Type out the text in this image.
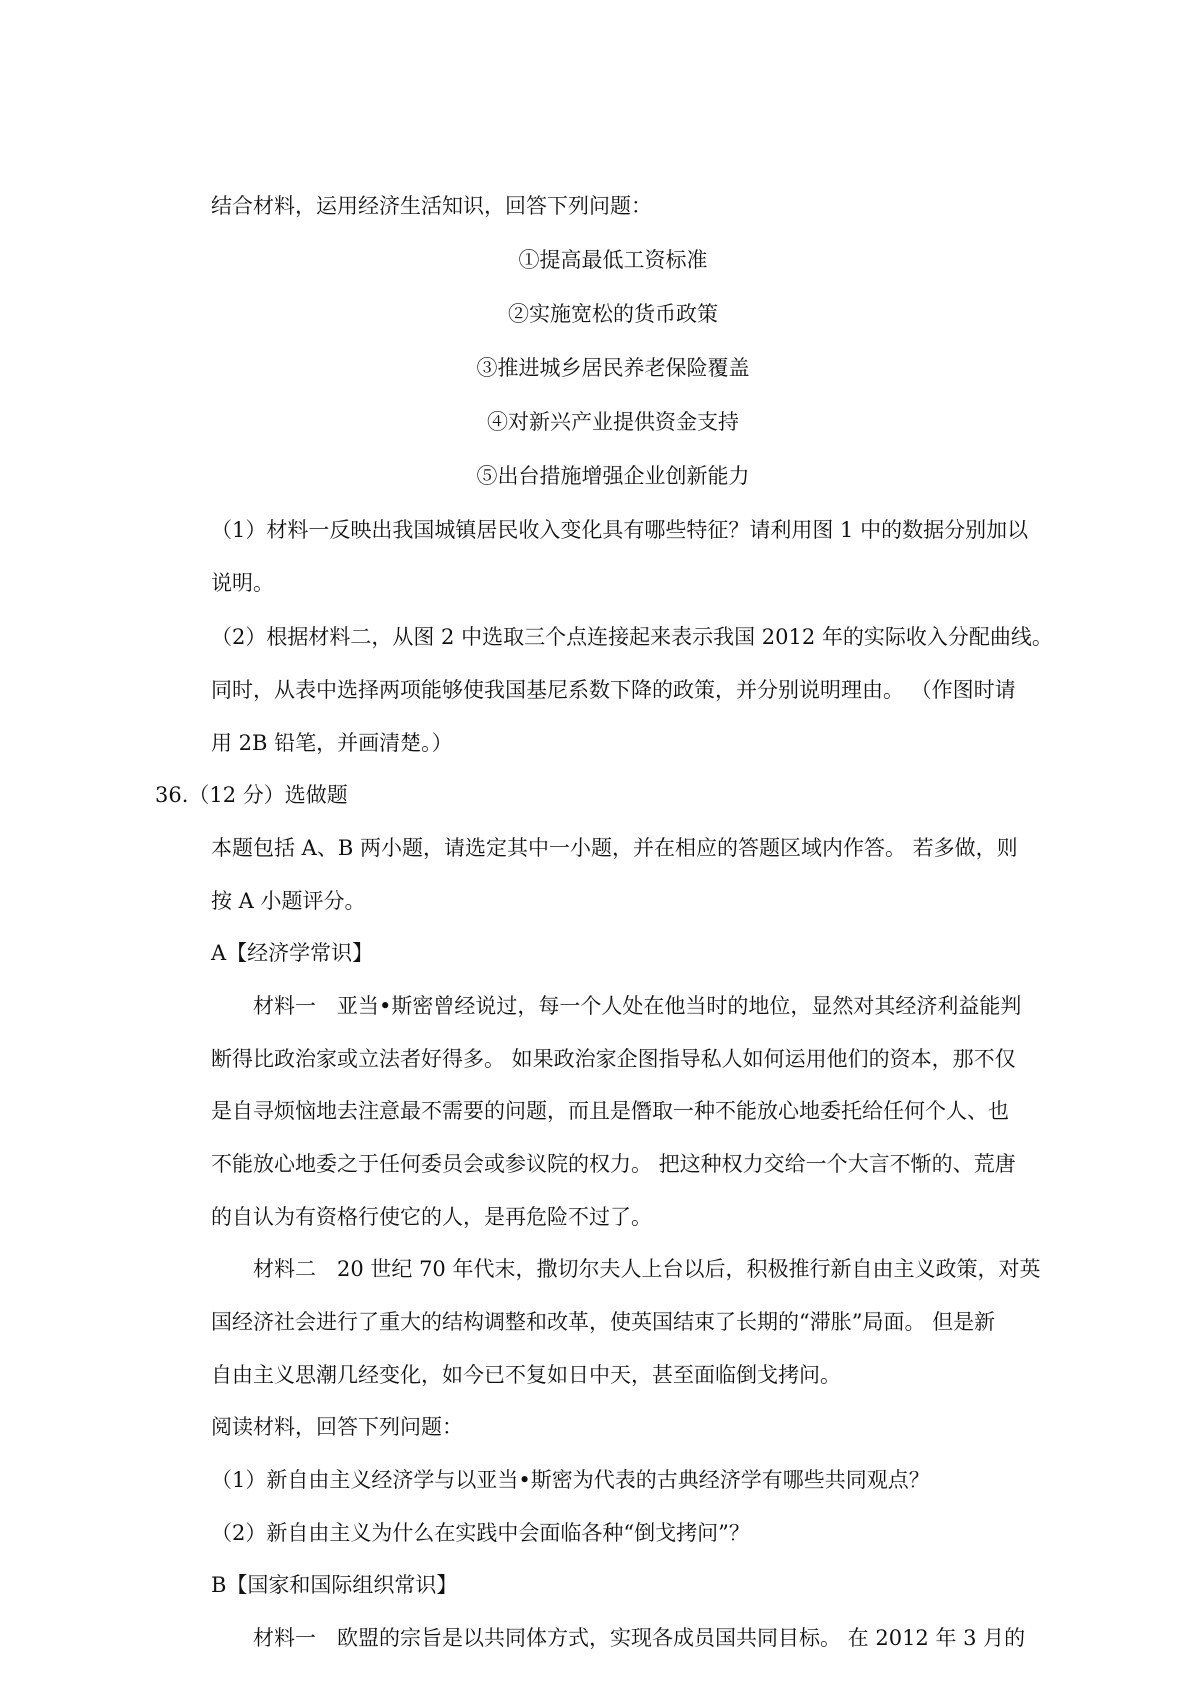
结合材料，运用经济生活知识，回答下列问题：
①提高最低工资标准
②实施宽松的货币政策
③推进城乡居民养老保险覆盖
④对新兴产业提供资金支持
⑤出台措施增强企业创新能力
（1）材料一反映出我国城镇居民收入变化具有哪些特征？请利用图 1 中的数据分别加以
说明。
（2）根据材料二，从图 2 中选取三个点连接起来表示我国 2012 年的实际收入分配曲线。
同时，从表中选择两项能够使我国基尼系数下降的政策，并分别说明理由。 （作图时请
用 2B 铅笔，并画清楚。）
36.（12 分）选做题
本题包括 A、B 两小题，请选定其中一小题，并在相应的答题区域内作答。 若多做，则
按 A 小题评分。
A【经济学常识】
材料一　亚当•斯密曾经说过，每一个人处在他当时的地位，显然对其经济利益能判
断得比政治家或立法者好得多。 如果政治家企图指导私人如何运用他们的资本，那不仅
是自寻烦恼地去注意最不需要的问题，而且是僭取一种不能放心地委托给任何个人、也
不能放心地委之于任何委员会或参议院的权力。 把这种权力交给一个大言不惭的、荒唐
的自认为有资格行使它的人，是再危险不过了。
材料二　20 世纪 70 年代末，撒切尔夫人上台以后，积极推行新自由主义政策，对英
国经济社会进行了重大的结构调整和改革，使英国结束了长期的“滞胀”局面。 但是新
自由主义思潮几经变化，如今已不复如日中天，甚至面临倒戈拷问。
阅读材料，回答下列问题：
（1）新自由主义经济学与以亚当•斯密为代表的古典经济学有哪些共同观点？
（2）新自由主义为什么在实践中会面临各种“倒戈拷问”？
B【国家和国际组织常识】
材料一　欧盟的宗旨是以共同体方式，实现各成员国共同目标。 在 2012 年 3 月的
